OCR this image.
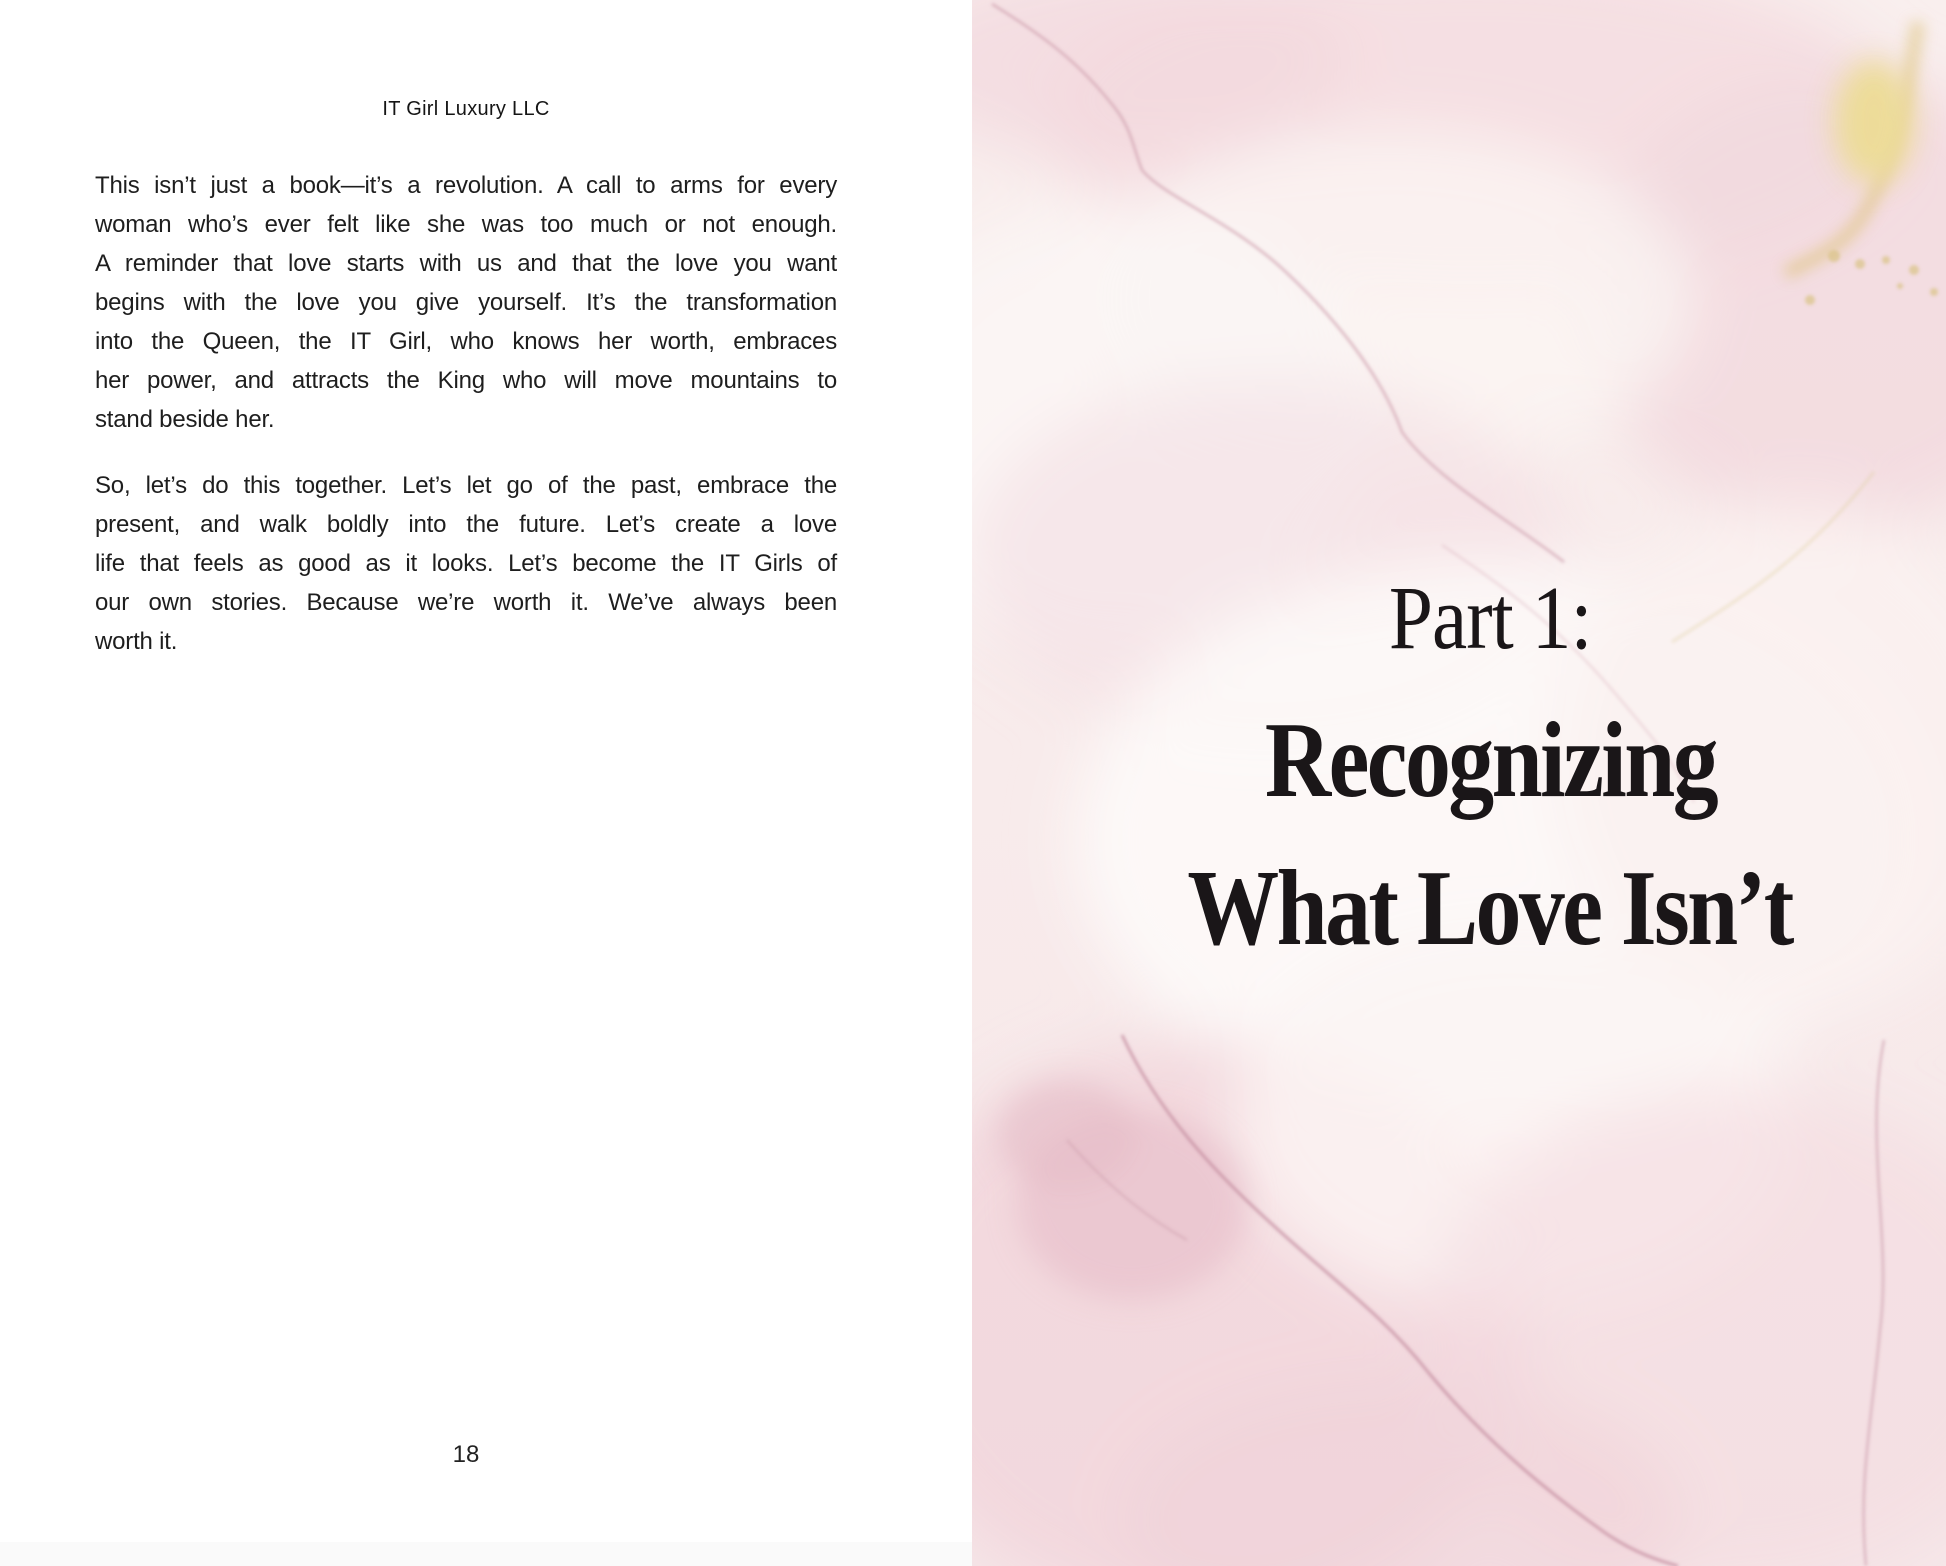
IT Girl Luxury LLC
This isn’t just a book—it’s a revolution. A call to arms for every
woman who’s ever felt like she was too much or not enough.
A reminder that love starts with us and that the love you want
begins with the love you give yourself. It’s the transformation
into the Queen, the IT Girl, who knows her worth, embraces
her power, and attracts the King who will move mountains to
stand beside her.
So, let’s do this together. Let’s let go of the past, embrace the
present, and walk boldly into the future. Let’s create a love
life that feels as good as it looks. Let’s become the IT Girls of
our own stories. Because we’re worth it. We’ve always been
worth it.
18
Part 1:
Recognizing
What Love Isn’t
